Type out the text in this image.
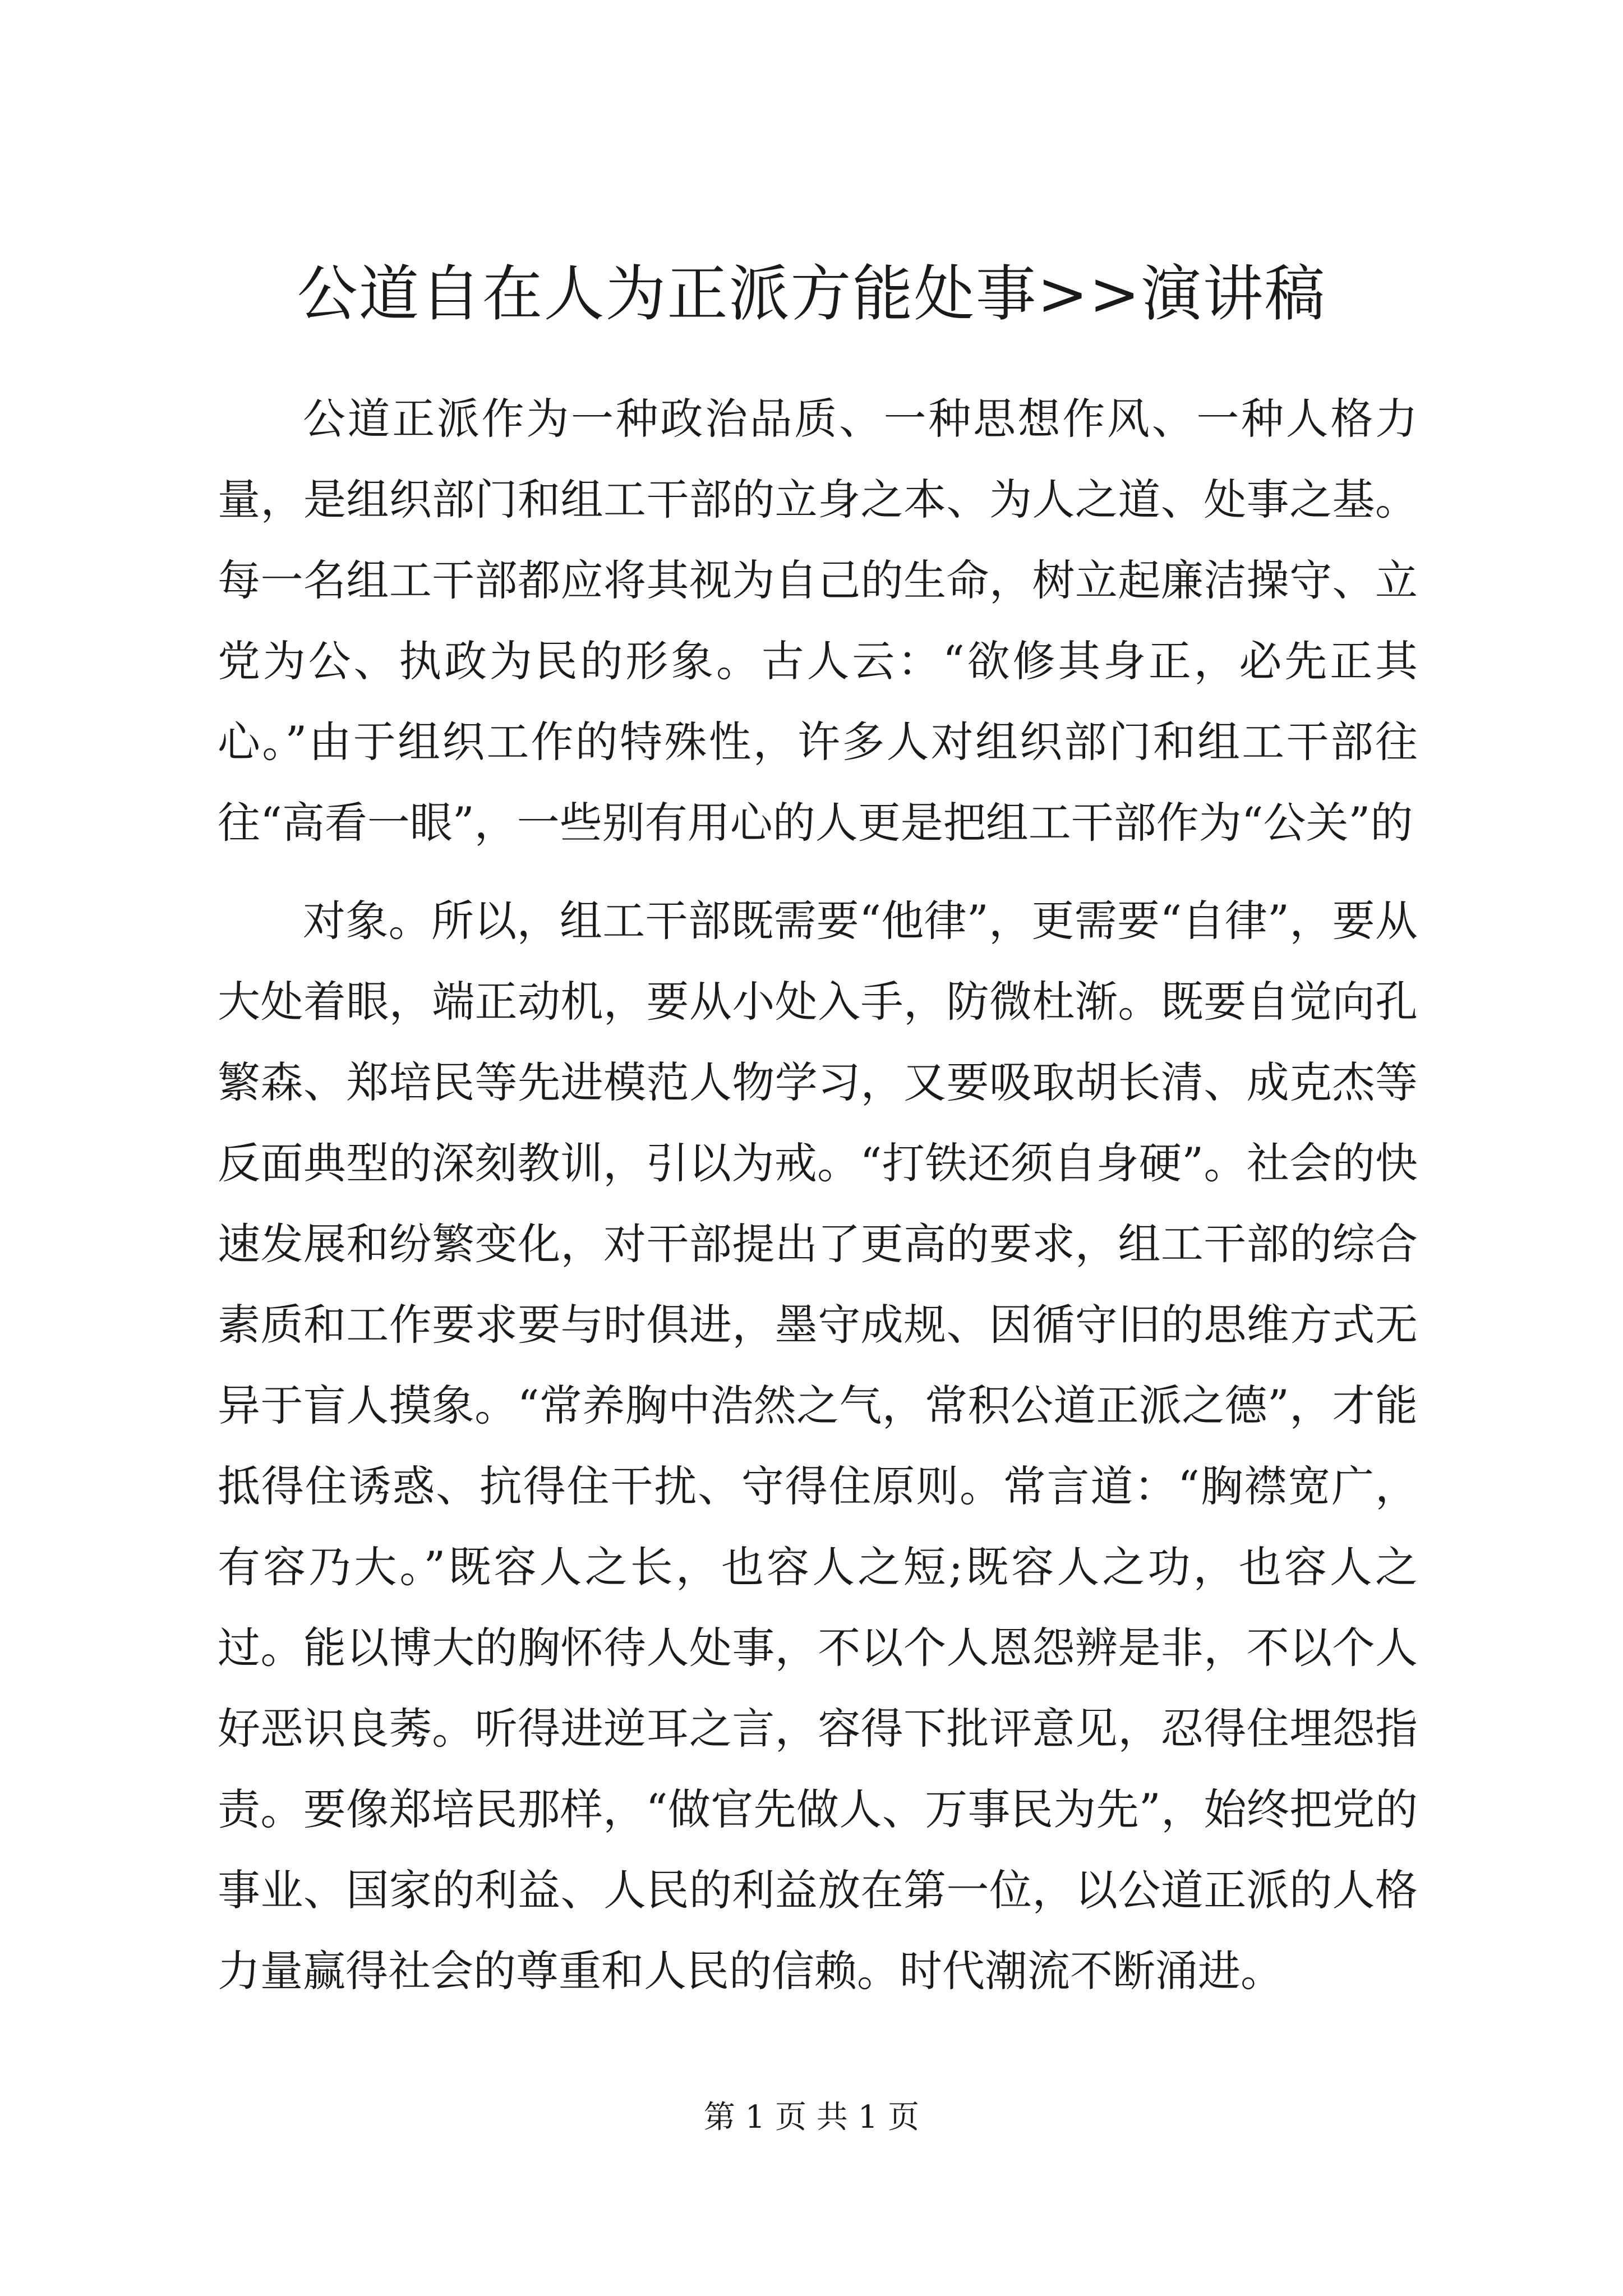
公道自在人为正派方能处事>>演讲稿

公道正派作为一种政治品质、一种思想作风、一种人格力量，是组织部门和组工干部的立身之本、为人之道、处事之基。每一名组工干部都应将其视为自己的生命，树立起廉洁操守、立党为公、执政为民的形象。古人云：“欲修其身正，必先正其心。”由于组织工作的特殊性，许多人对组织部门和组工干部往往“高看一眼”，一些别有用心的人更是把组工干部作为“公关”的

对象。所以，组工干部既需要“他律”，更需要“自律”，要从大处着眼，端正动机，要从小处入手，防微杜渐。既要自觉向孔繁森、郑培民等先进模范人物学习，又要吸取胡长清、成克杰等反面典型的深刻教训，引以为戒。“打铁还须自身硬”。社会的快速发展和纷繁变化，对干部提出了更高的要求，组工干部的综合素质和工作要求要与时俱进，墨守成规、因循守旧的思维方式无异于盲人摸象。“常养胸中浩然之气，常积公道正派之德”，才能抵得住诱惑、抗得住干扰、守得住原则。常言道：“胸襟宽广，有容乃大。”既容人之长，也容人之短;既容人之功，也容人之过。能以博大的胸怀待人处事，不以个人恩怨辨是非，不以个人好恶识良莠。听得进逆耳之言，容得下批评意见，忍得住埋怨指责。要像郑培民那样，“做官先做人、万事民为先”，始终把党的事业、国家的利益、人民的利益放在第一位，以公道正派的人格力量赢得社会的尊重和人民的信赖。时代潮流不断涌进。

第 1 页 共 1 页
